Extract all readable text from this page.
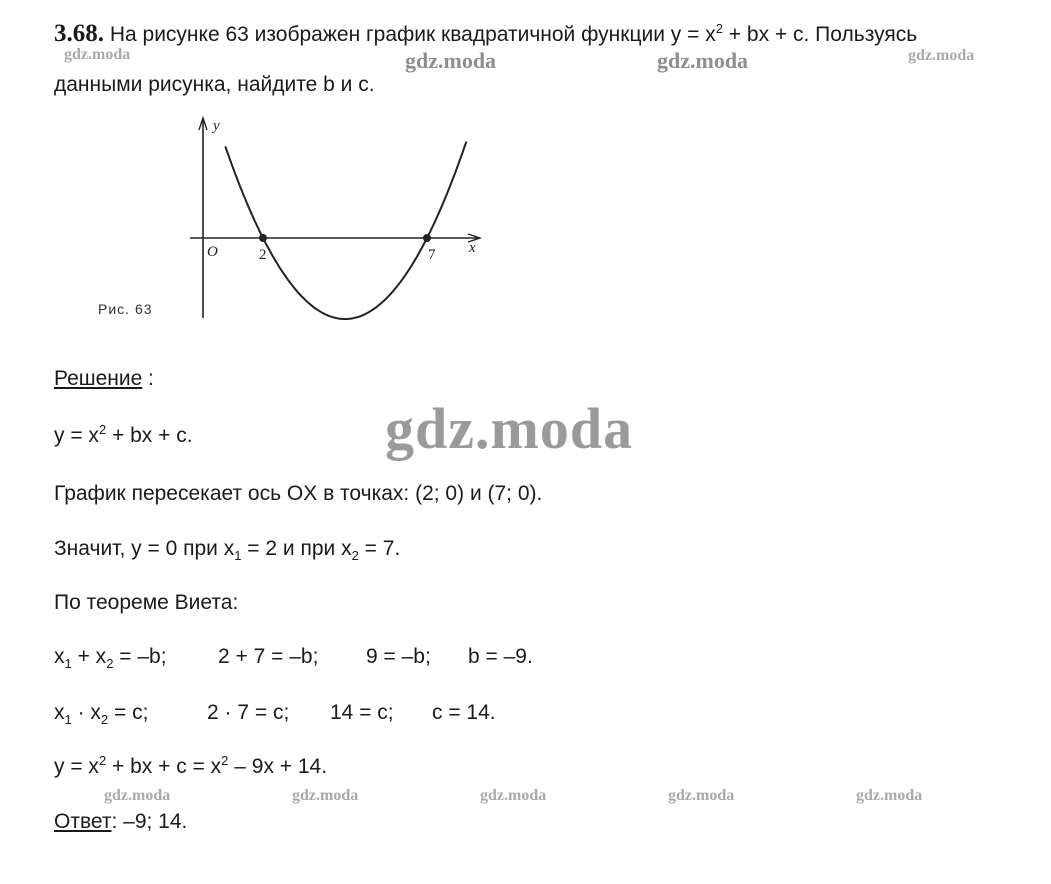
3.68. На рисунке 63 изображен график квадратичной функции $y = x^2$ + bx + c. Пользуясь
данными рисунка, найдите b и c.
gdz.moda	gdz.moda	gdz.moda	gdz.moda
y
x
O	2	7
Рис. 63
Решение :
gdz.moda
$y = x^2$ + bx + c.
График пересекает ось OX в точках: (2; 0) и (7; 0).
Значит, y = 0 при $x_1 = 2$ и при $x_2 = 7$.
По теореме Виета:
$x_1 + x_2 = -b$; 2 + 7 = –b; 9 = –b; b = –9.
$x_1 \cdot x_2 = c$;	2 · 7 = c; 14 = c; c = 14.
$y = x^2$ + bx + $c = x^2 - 9x + 14$.
gdz.moda	gdz.moda	gdz.moda	gdz.moda	gdz.moda
Ответ: –9; 14.
